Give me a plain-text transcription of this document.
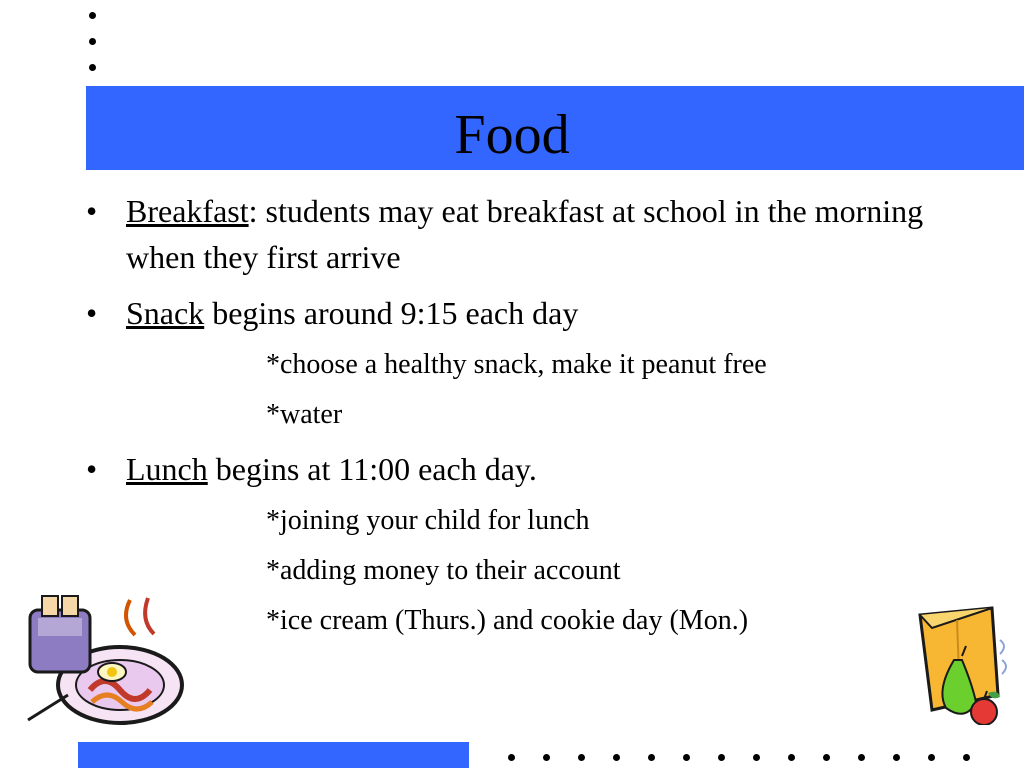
Food
• Breakfast: students may eat breakfast at school in the morning when they first arrive
• Snack begins around 9:15 each day
*choose a healthy snack, make it peanut free
*water
• Lunch begins at 11:00 each day.
*joining your child for lunch
*adding money to their account
*ice cream (Thurs.) and cookie day (Mon.)
